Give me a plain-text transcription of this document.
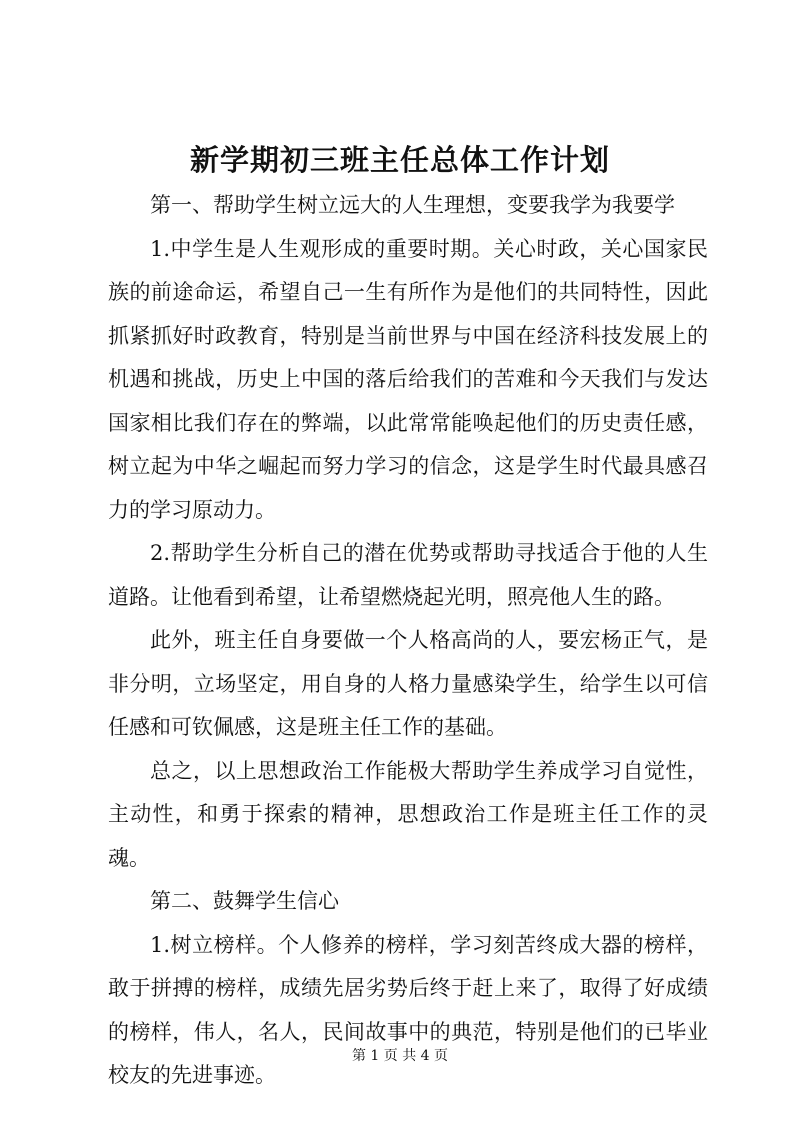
新学期初三班主任总体工作计划

第一、帮助学生树立远大的人生理想，变要我学为我要学

1.中学生是人生观形成的重要时期。关心时政，关心国家民族的前途命运，希望自己一生有所作为是他们的共同特性，因此抓紧抓好时政教育，特别是当前世界与中国在经济科技发展上的机遇和挑战，历史上中国的落后给我们的苦难和今天我们与发达国家相比我们存在的弊端，以此常常能唤起他们的历史责任感，树立起为中华之崛起而努力学习的信念，这是学生时代最具感召力的学习原动力。

2.帮助学生分析自己的潜在优势或帮助寻找适合于他的人生道路。让他看到希望，让希望燃烧起光明，照亮他人生的路。

此外，班主任自身要做一个人格高尚的人，要宏杨正气，是非分明，立场坚定，用自身的人格力量感染学生，给学生以可信任感和可钦佩感，这是班主任工作的基础。

总之，以上思想政治工作能极大帮助学生养成学习自觉性，主动性，和勇于探索的精神，思想政治工作是班主任工作的灵魂。

第二、鼓舞学生信心

1.树立榜样。个人修养的榜样，学习刻苦终成大器的榜样，敢于拼搏的榜样，成绩先居劣势后终于赶上来了，取得了好成绩的榜样，伟人，名人，民间故事中的典范，特别是他们的已毕业校友的先进事迹。

第 1 页 共 4 页
